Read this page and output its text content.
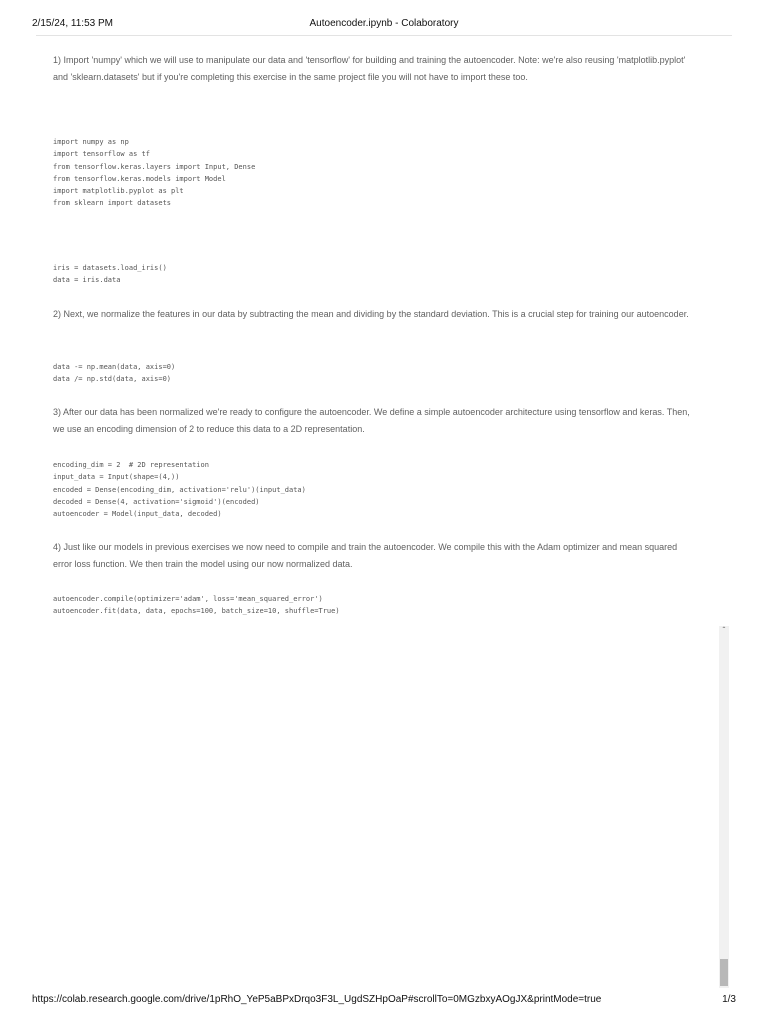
2/15/24, 11:53 PM	Autoencoder.ipynb - Colaboratory
1) Import 'numpy' which we will use to manipulate our data and 'tensorflow' for building and training the autoencoder. Note: we're also reusing 'matplotlib.pyplot' and 'sklearn.datasets' but if you're completing this exercise in the same project file you will not have to import these too.
import numpy as np
import tensorflow as tf
from tensorflow.keras.layers import Input, Dense
from tensorflow.keras.models import Model
import matplotlib.pyplot as plt
from sklearn import datasets
iris = datasets.load_iris()
data = iris.data
2) Next, we normalize the features in our data by subtracting the mean and dividing by the standard deviation. This is a crucial step for training our autoencoder.
data -= np.mean(data, axis=0)
data /= np.std(data, axis=0)
3) After our data has been normalized we're ready to configure the autoencoder. We define a simple autoencoder architecture using tensorflow and keras. Then, we use an encoding dimension of 2 to reduce this data to a 2D representation.
encoding_dim = 2  # 2D representation
input_data = Input(shape=(4,))
encoded = Dense(encoding_dim, activation='relu')(input_data)
decoded = Dense(4, activation='sigmoid')(encoded)
autoencoder = Model(input_data, decoded)
4) Just like our models in previous exercises we now need to compile and train the autoencoder. We compile this with the Adam optimizer and mean squared error loss function. We then train the model using our now normalized data.
autoencoder.compile(optimizer='adam', loss='mean_squared_error')
autoencoder.fit(data, data, epochs=100, batch_size=10, shuffle=True)
ˆ
https://colab.research.google.com/drive/1pRhO_YeP5aBPxDrqo3F3L_UgdSZHpOaP#scrollTo=0MGzbxyAOgJX&printMode=true	1/3
